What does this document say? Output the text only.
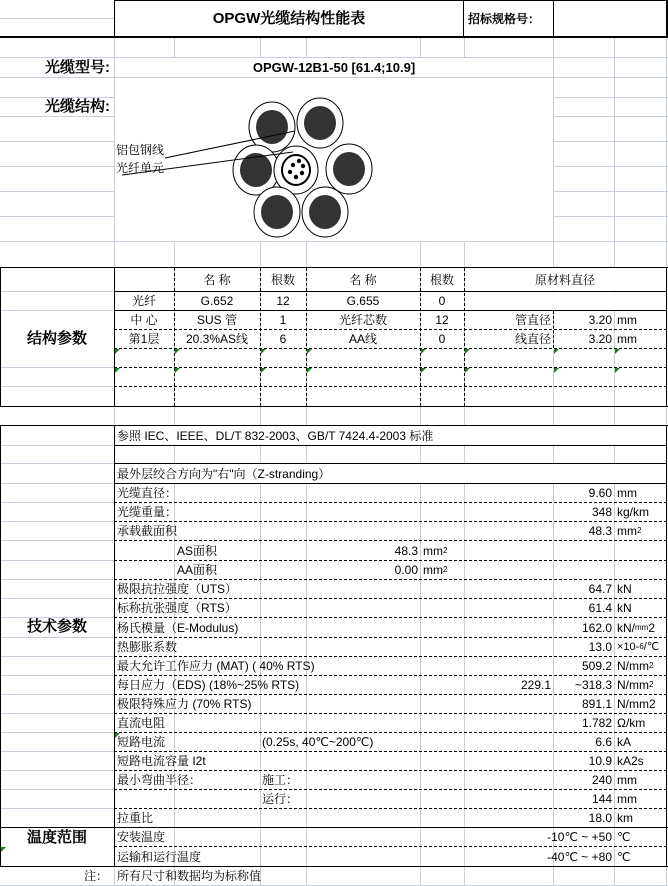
OPGW光缆结构性能表	招标规格号：
光缆型号:	OPGW-12B1-50 [61.4;10.9]
光缆结构:
铝包钢线
光纤单元
结构参数
名 称	根数	名 称	根数	原材料直径
光纤	G.652	12	G.655	0
中 心	SUS 管	1	光纤芯数	12	管直径	3.20 mm
第1层	20.3%AS线	6	AA线	0	线直径	3.20 mm
技术参数
参照 IEC、IEEE、DL/T 832-2003、GB/T 7424.4-2003 标准
最外层绞合方向为"右"向（Z-stranding）
光缆直径：	9.60 mm
光缆重量：	348 kg/km
承载截面积	48.3 mm 2
AS面积	48.3 mm 2
AA面积	0.00 mm 2
极限抗拉强度（UTS）	64.7 kN
标称抗张强度（RTS）	61.4 kN
杨氏模量（E-Modulus)	162.0 kN/ mm 2
热膨胀系数	13.0 ×10- 6 /℃
最大允许工作应力 (MAT) ( 40% RTS)	509.2 N/mm 2
每日应力（EDS) (18%~25% RTS)	229.1	~318.3 N/mm 2
极限特殊应力 (70% RTS)	891.1 N/mm2
直流电阻	1.782 Ω/km
短路电流	(0.25s, 40℃~200℃)	6.6 kA
短路电流容量 I2t	10.9 kA2s
最小弯曲半径：	施工：	240 mm
运行：	144 mm
拉重比	18.0 km
温度范围	安装温度	-10℃ ~ +50 ℃
运输和运行温度	-40℃ ~ +80 ℃
注： 所有尺寸和数据均为标称值
